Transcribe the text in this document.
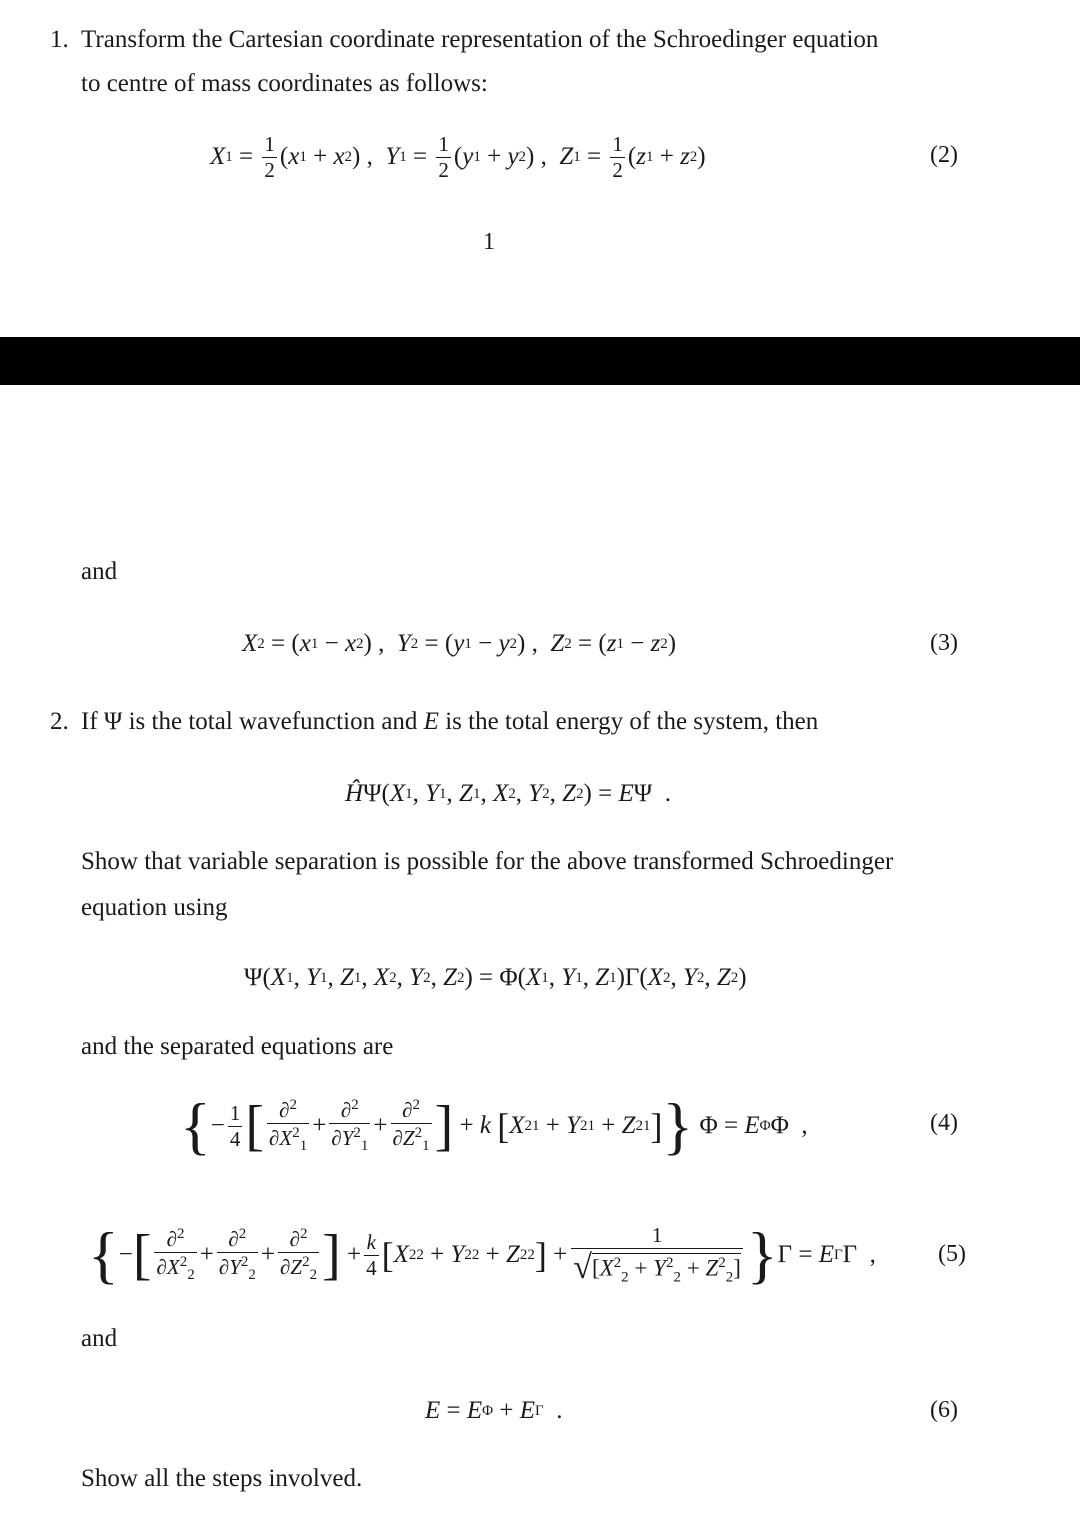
1. Transform the Cartesian coordinate representation of the Schroedinger equation
to centre of mass coordinates as follows:
X $1 = \frac{1}{2}$ ( x 1 + x 2 ) , Y $1 = \frac{1}{2}$ ( y 1 + y 2 ) , Z $1 = \frac{1}{2}$ ( z 1 + z 2 )	(2)
1
and
X 2 = ( x 1 − x 2 ) , Y 2 = ( y 1 − y 2 ) , Z 2 = ( z 1 − z 2 )	(3)
2. If Ψ is the total wavefunction and E is the total energy of the system, then
Ĥ Ψ( X 1 , Y 1 , Z 1 , X 2 , Y 2 , Z 2 ) = E Ψ  .
Show that variable separation is possible for the above transformed Schroedinger
equation using
Ψ( X 1 , Y 1 , Z 1 , X 2 , Y 2 , Z 2 ) = Φ( X 1 , Y 1 , Z 1 )Γ( X 2 , Y 2 , Z 2 )
and the separated equations are
{ − $\frac{1}{4}$ [ $\frac{\partial^2}{\partial X^2_1} + \frac{\partial^2}{\partial Y^2_1} + \frac{\partial^2}{\partial Z^2_1}$ ] + k
[ X 2 1 + Y 2 1 + Z 2 1 ] } Φ = E Φ Φ  ,	(4)
{ − [ $\frac{\partial^2}{\partial X^2_2} + \frac{\partial^2}{\partial Y^2_2} + \frac{\partial^2}{\partial Z^2_2}$ ] + $\frac{k}{4}$ [ X 2 2 + Y 2 2 + Z 2 2 ] + $\frac{1}{√ [X^2_2 + Y^2_2 + Z^2_2]}$ } Γ = E Γ Γ  ,	(5)
and
E = E Φ + E Γ .	(6)
Show all the steps involved.
